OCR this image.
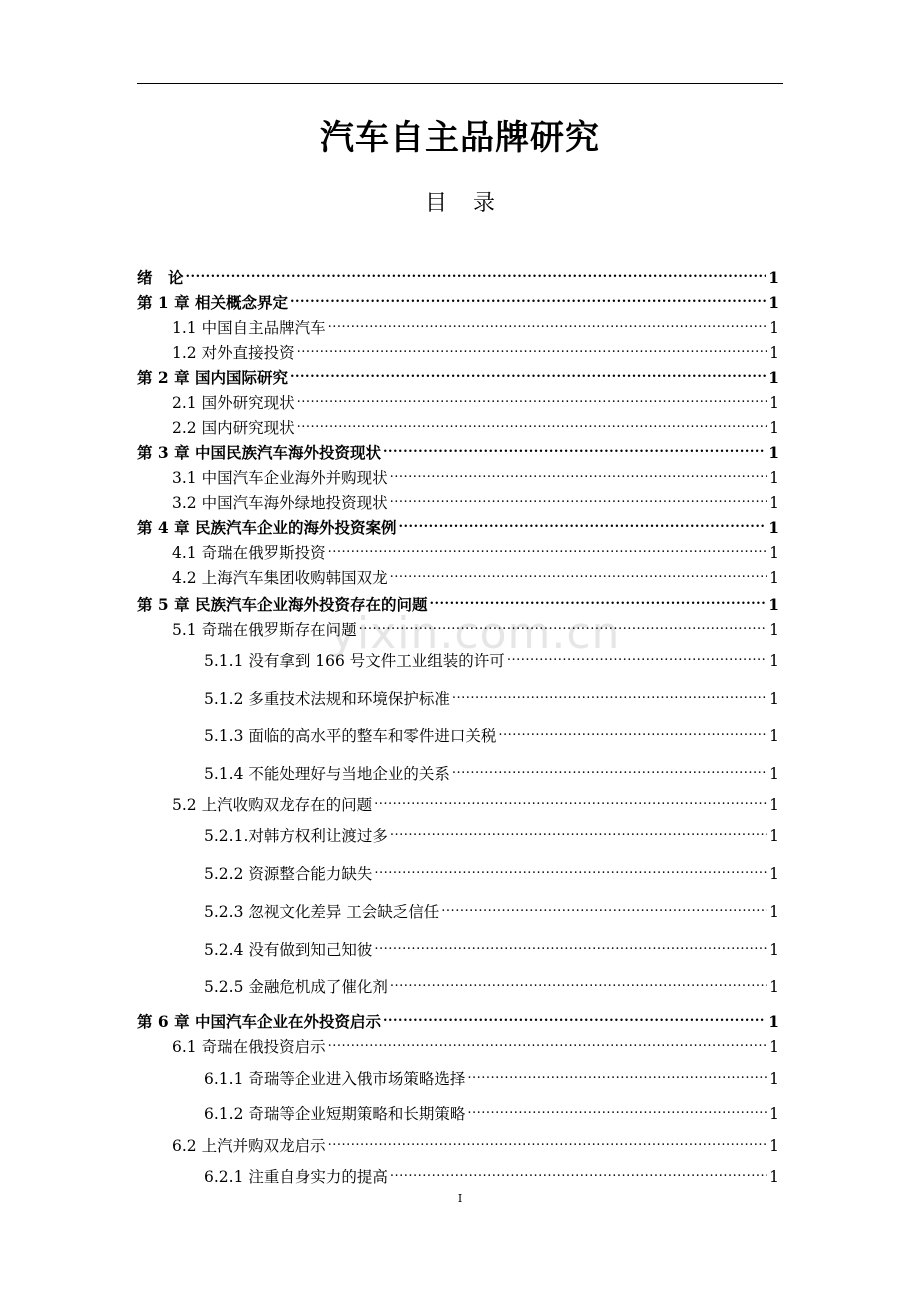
汽车自主品牌研究
目录
yixin.com.cn
绪　论 .....	1
第 1 章 相关概念界定 .....	1
1.1 中国自主品牌汽车 .....	1
1.2 对外直接投资 .....	1
第 2 章 国内国际研究 .....	1
2.1 国外研究现状 .....	1
2.2 国内研究现状 .....	1
第 3 章 中国民族汽车海外投资现状 .....	1
3.1 中国汽车企业海外并购现状 .....	1
3.2 中国汽车海外绿地投资现状 .....	1
第 4 章 民族汽车企业的海外投资案例 .....	1
4.1 奇瑞在俄罗斯投资 .....	1
4.2 上海汽车集团收购韩国双龙 .....	1
第 5 章 民族汽车企业海外投资存在的问题 .....	1
5.1 奇瑞在俄罗斯存在问题 .....	1
5.1.1 没有拿到 166 号文件工业组装的许可 .....	1
5.1.2 多重技术法规和环境保护标准 .....	1
5.1.3 面临的高水平的整车和零件进口关税 .....	1
5.1.4 不能处理好与当地企业的关系 .....	1
5.2 上汽收购双龙存在的问题 .....	1
5.2.1.对韩方权利让渡过多 .....	1
5.2.2 资源整合能力缺失 .....	1
5.2.3 忽视文化差异 工会缺乏信任 .....	1
5.2.4 没有做到知己知彼 .....	1
5.2.5 金融危机成了催化剂 .....	1
第 6 章 中国汽车企业在外投资启示 .....	1
6.1 奇瑞在俄投资启示 .....	1
6.1.1 奇瑞等企业进入俄市场策略选择 .....	1
6.1.2 奇瑞等企业短期策略和长期策略 .....	1
6.2 上汽并购双龙启示 .....	1
6.2.1 注重自身实力的提高 .....	1
I
